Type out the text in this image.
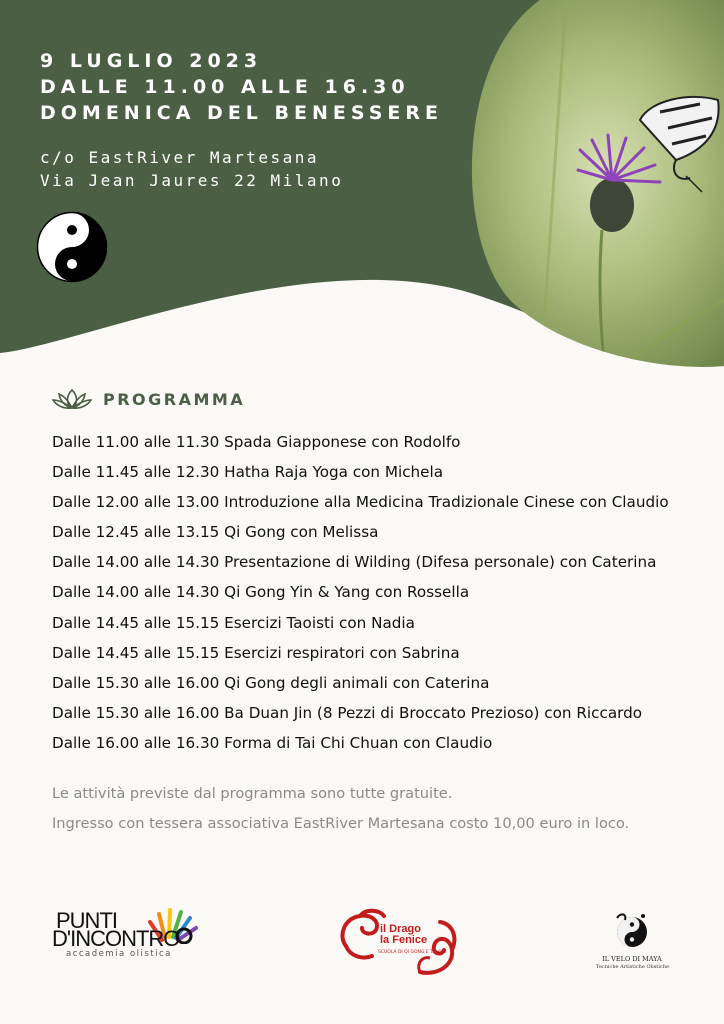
9 LUGLIO 2023
DALLE 11.00 ALLE 16.30
DOMENICA DEL BENESSERE
c/o EastRiver Martesana
Via Jean Jaures 22 Milano
PROGRAMMA
Dalle 11.00 alle 11.30 Spada Giapponese con Rodolfo
Dalle 11.45 alle 12.30 Hatha Raja Yoga con Michela
Dalle 12.00 alle 13.00 Introduzione alla Medicina Tradizionale Cinese con Claudio
Dalle 12.45 alle 13.15 Qi Gong con Melissa
Dalle 14.00 alle 14.30 Presentazione di Wilding (Difesa personale) con Caterina
Dalle 14.00 alle 14.30 Qi Gong Yin & Yang con Rossella
Dalle 14.45 alle 15.15 Esercizi Taoisti con Nadia
Dalle 14.45 alle 15.15 Esercizi respiratori con Sabrina
Dalle 15.30 alle 16.00 Qi Gong degli animali con Caterina
Dalle 15.30 alle 16.00 Ba Duan Jin (8 Pezzi di Broccato Prezioso) con Riccardo
Dalle 16.00 alle 16.30 Forma di Tai Chi Chuan con Claudio
Le attività previste dal programma sono tutte gratuite.
Ingresso con tessera associativa EastRiver Martesana costo 10,00 euro in loco.
PUNTI
D'INCONTRO
accademia olistica
il Drago
la Fenice
SCUOLA DI QI GONG E TAI CHI
IL VELO DI MAYA
Tecniche Artistiche Olistiche
